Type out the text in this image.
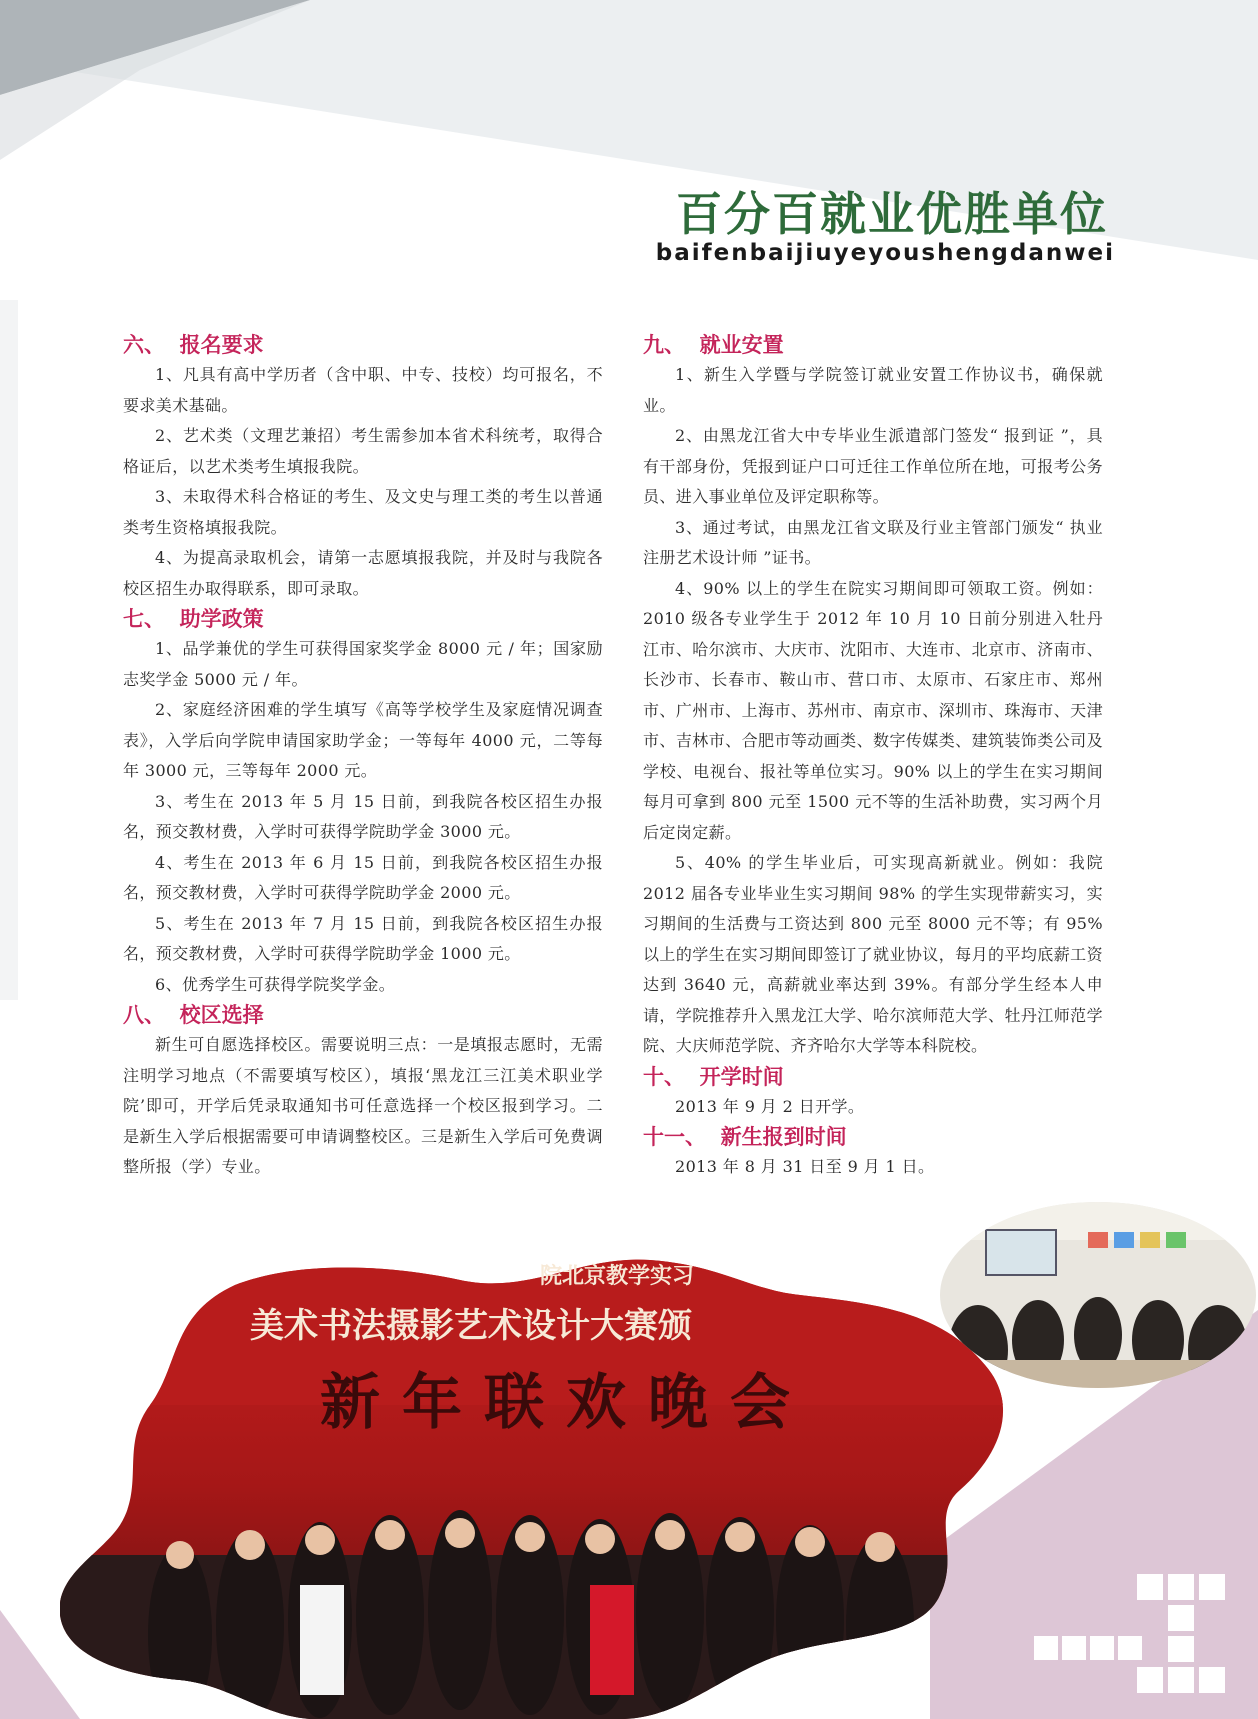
百分百就业优胜单位
baifenbaijiuyeyoushengdanwei
六、  报名要求

1、凡具有高中学历者（含中职、中专、技校）均可报名，不要求美术基础。

2、艺术类（文理艺兼招）考生需参加本省术科统考，取得合格证后，以艺术类考生填报我院。

3、未取得术科合格证的考生、及文史与理工类的考生以普通类考生资格填报我院。

4、为提高录取机会，请第一志愿填报我院，并及时与我院各校区招生办取得联系，即可录取。

七、  助学政策

1、品学兼优的学生可获得国家奖学金 8000 元 / 年；国家励志奖学金 5000 元 / 年。

2、家庭经济困难的学生填写《高等学校学生及家庭情况调查表》，入学后向学院申请国家助学金；一等每年 4000 元，二等每年 3000 元，三等每年 2000 元。

3、考生在 2013 年 5 月 15 日前，到我院各校区招生办报名，预交教材费，入学时可获得学院助学金 3000 元。

4、考生在 2013 年 6 月 15 日前，到我院各校区招生办报名，预交教材费，入学时可获得学院助学金 2000 元。

5、考生在 2013 年 7 月 15 日前，到我院各校区招生办报名，预交教材费，入学时可获得学院助学金 1000 元。

6、优秀学生可获得学院奖学金。

八、  校区选择

新生可自愿选择校区。需要说明三点：一是填报志愿时，无需注明学习地点（不需要填写校区），填报‘黑龙江三江美术职业学院’即可，开学后凭录取通知书可任意选择一个校区报到学习。二是新生入学后根据需要可申请调整校区。三是新生入学后可免费调整所报（学）专业。

九、  就业安置

1、新生入学暨与学院签订就业安置工作协议书，确保就业。

2、由黑龙江省大中专毕业生派遣部门签发“ 报到证 ”，具有干部身份，凭报到证户口可迁往工作单位所在地，可报考公务员、进入事业单位及评定职称等。

3、通过考试，由黑龙江省文联及行业主管部门颁发“ 执业注册艺术设计师 ”证书。

4、90% 以上的学生在院实习期间即可领取工资。例如：2010 级各专业学生于 2012 年 10 月 10 日前分别进入牡丹江市、哈尔滨市、大庆市、沈阳市、大连市、北京市、济南市、长沙市、长春市、鞍山市、营口市、太原市、石家庄市、郑州市、广州市、上海市、苏州市、南京市、深圳市、珠海市、天津市、吉林市、合肥市等动画类、数字传媒类、建筑装饰类公司及学校、电视台、报社等单位实习。90% 以上的学生在实习期间每月可拿到 800 元至 1500 元不等的生活补助费，实习两个月后定岗定薪。

5、40% 的学生毕业后，可实现高新就业。例如：我院 2012 届各专业毕业生实习期间 98% 的学生实现带薪实习，实习期间的生活费与工资达到 800 元至 8000 元不等；有 95% 以上的学生在实习期间即签订了就业协议，每月的平均底薪工资达到 3640 元，高薪就业率达到 39%。有部分学生经本人申请，学院推荐升入黑龙江大学、哈尔滨师范大学、牡丹江师范学院、大庆师范学院、齐齐哈尔大学等本科院校。

十、  开学时间

2013 年 9 月 2 日开学。

十一、  新生报到时间

2013 年 8 月 31 日至 9 月 1 日。

院北京教学实习
美术书法摄影艺术设计大赛颁
新年联欢晚会
